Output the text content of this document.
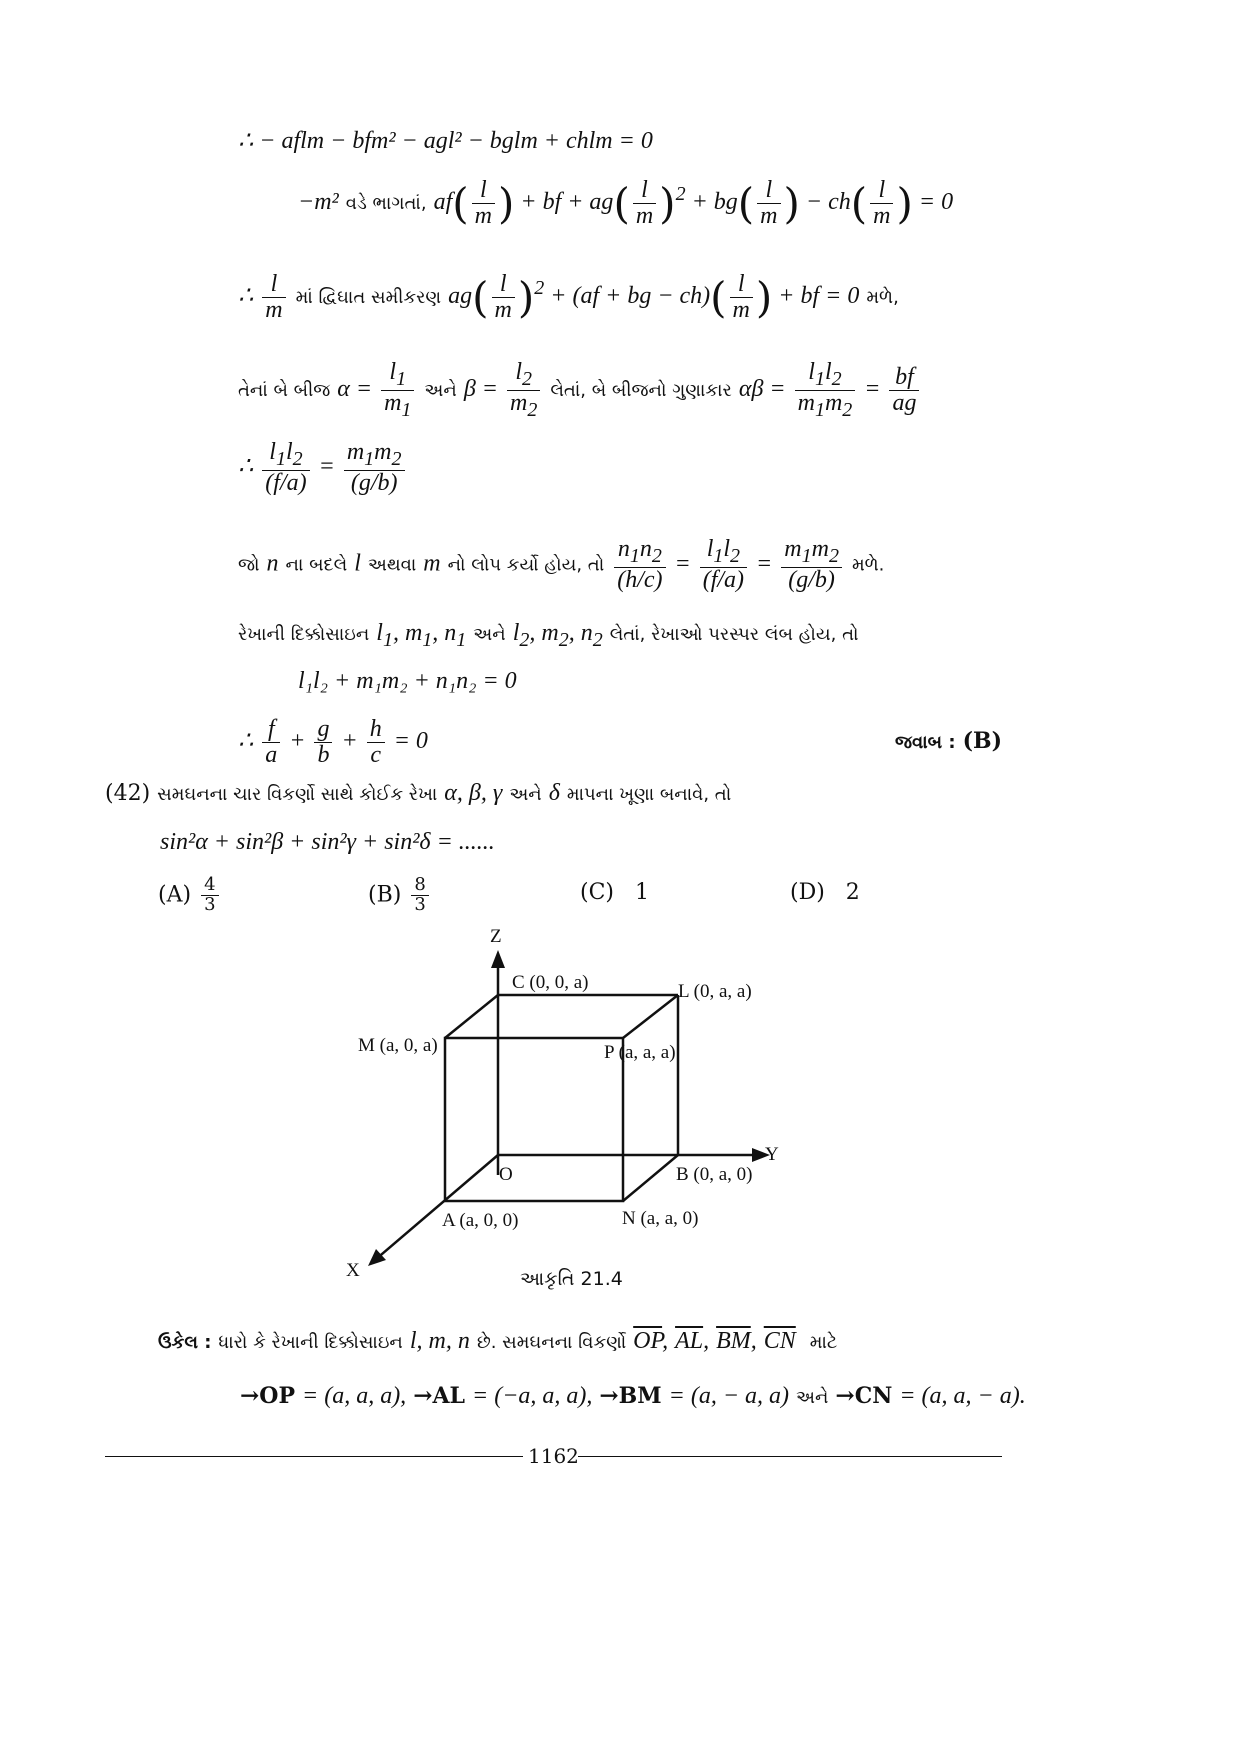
∴ − aflm − bfm² − agl² − bglm + chlm = 0
−m² વડે ભાગતાં, $af( \frac{l}{m}$ ) + bf + $ag( \frac{l}{m} )^2 + bg( \frac{l}{m}$ ) − $ch( \frac{l}{m}$ ) = 0
∴ $\frac{l}{m}$ માં દ્વિઘાત સમીકરણ $ag( \frac{l}{m} )^2 + (af$ + bg − $ch)( \frac{l}{m}$ ) + bf = 0 મળે,
તેનાં બે બીજ $\alpha = \frac{l_1}{m_1}$ અને $\beta = \frac{l_2}{m_2}$ લેતાં, બે બીજનો ગુણાકાર $\alpha\beta = \frac{l_1l_2}{m_1m_2} = \frac{bf}{ag}$
∴ $\frac{l_1l_2}{(f/a)} = \frac{m_1m_2}{(g/b)}$
જો n ના બદલે l અથવા m નો લોપ કર્યો હોય, તો $\frac{n_1n_2}{(h/c)} = \frac{l_1l_2}{(f/a)} = \frac{m_1m_2}{(g/b)}$ મળે.
રેખાની દિક્કોસાઇન $l_1$, $m_1$, $n_1$ અને $l_2$, $m_2$, $n_2$ લેતાં, રેખાઓ પરસ્પર લંબ હોય, તો
l₁l₂ + m₁m₂ + n₁n₂ = 0
∴ $\frac{f}{a} + \frac{g}{b} + \frac{h}{c} = 0$	જવાબ : (B)
(42) સમઘનના ચાર વિકર્ણો સાથે કોઈક રેખા α, β, γ અને δ માપના ખૂણા બનાવે, તો
sin²α + sin²β + sin²γ + sin²δ = ......
$(A) \frac{4}{3}$	$(B) \frac{8}{3}$	(C) 1	(D) 2
Z
Y
X
C (0, 0, a)	L (0, a, a)
M (a, 0, a)	P (a, a, a)
O	B (0, a, 0)
A (a, 0, 0)	N (a, a, 0)
આકૃતિ 21.4
ઉકેલ : ધારો કે રેખાની દિક્કોસાઇન l, m, n છે. સમઘનના વિકર્ણો $\overline{OP}$, $\overline{AL}$, $\overline{BM}$, $\overline{CN}$ માટે
→OP = (a, a, a), →AL = (−a, a, a), →BM = (a, − a, a) અને →CN = (a, a, − a).
1162
